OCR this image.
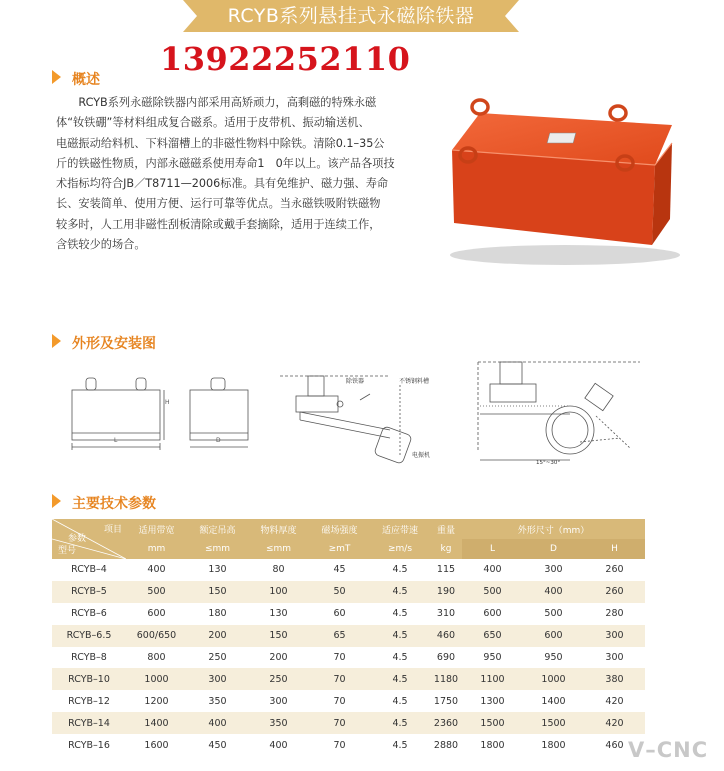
RCYB系列悬挂式永磁除铁器
13922252110
概述
　　RCYB系列永磁除铁器内部采用高矫顽力，高剩磁的特殊永磁
体“钕铁硼”等材料组成复合磁系。适用于皮带机、振动输送机、
电磁振动给料机、下料溜槽上的非磁性物料中除铁。清除0.1–35公
斤的铁磁性物质，内部永磁磁系使用寿命1　0年以上。该产品各项技
术指标均符合JB／T8711—2006标准。具有免维护、磁力强、寿命
长、安装简单、使用方便、运行可靠等优点。当永磁铁吸附铁磁物
较多时，人工用非磁性刮板清除或戴手套摘除，适用于连续工作，
含铁较少的场合。
外形及安装图
L
H
D
除铁器	不锈钢料槽
电振机
15°~30°
主要技术参数
项目
参数
型号	适用带宽	额定吊高	物料厚度	磁场强度	适应带速	重量	外形尺寸（mm）		
	mm	≤mm	≤mm	≥mT	≥m/s	kg	L	D	H
RCYB–4	400	130	80	45	4.5	115	400	300	260
RCYB–5	500	150	100	50	4.5	190	500	400	260
RCYB–6	600	180	130	60	4.5	310	600	500	280
RCYB–6.5	600/650	200	150	65	4.5	460	650	600	300
RCYB–8	800	250	200	70	4.5	690	950	950	300
RCYB–10	1000	300	250	70	4.5	1180	1100	1000	380
RCYB–12	1200	350	300	70	4.5	1750	1300	1400	420
RCYB–14	1400	400	350	70	4.5	2360	1500	1500	420
RCYB–16	1600	450	400	70	4.5	2880	1800	1800	460 V–CNC
